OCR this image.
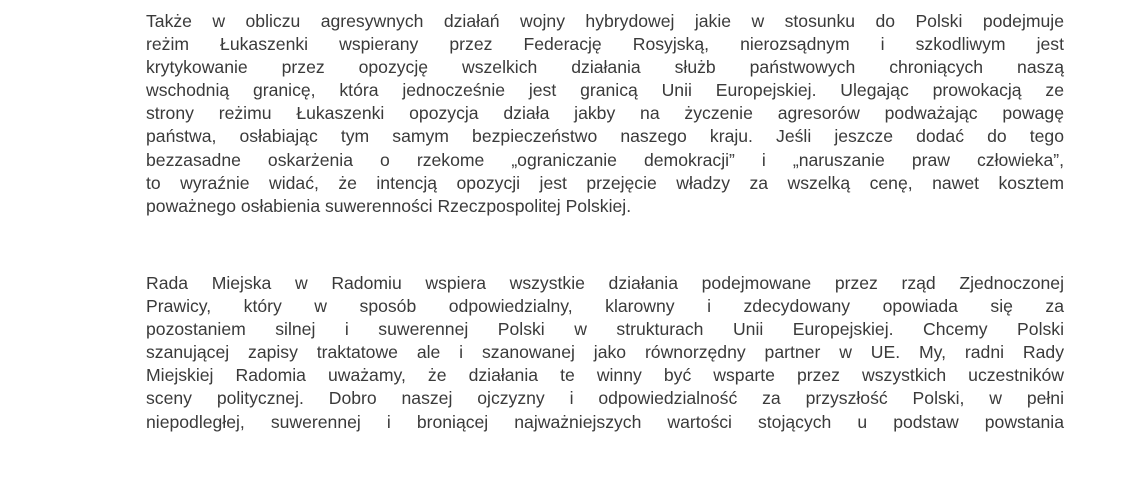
Także w obliczu agresywnych działań wojny hybrydowej jakie w stosunku do Polski podejmuje
reżim Łukaszenki wspierany przez Federację Rosyjską, nierozsądnym i szkodliwym jest
krytykowanie przez opozycję wszelkich działania służb państwowych chroniących naszą
wschodnią granicę, która jednocześnie jest granicą Unii Europejskiej. Ulegając prowokacją ze
strony reżimu Łukaszenki opozycja działa jakby na życzenie agresorów podważając powagę
państwa, osłabiając tym samym bezpieczeństwo naszego kraju. Jeśli jeszcze dodać do tego
bezzasadne oskarżenia o rzekome „ograniczanie demokracji” i „naruszanie praw człowieka”,
to wyraźnie widać, że intencją opozycji jest przejęcie władzy za wszelką cenę, nawet kosztem
poważnego osłabienia suwerenności Rzeczpospolitej Polskiej.

Rada Miejska w Radomiu wspiera wszystkie działania podejmowane przez rząd Zjednoczonej
Prawicy, który w sposób odpowiedzialny, klarowny i zdecydowany opowiada się za
pozostaniem silnej i suwerennej Polski w strukturach Unii Europejskiej. Chcemy Polski
szanującej zapisy traktatowe ale i szanowanej jako równorzędny partner w UE. My, radni Rady
Miejskiej Radomia uważamy, że działania te winny być wsparte przez wszystkich uczestników
sceny politycznej. Dobro naszej ojczyzny i odpowiedzialność za przyszłość Polski, w pełni
niepodległej, suwerennej i broniącej najważniejszych wartości stojących u podstaw powstania
